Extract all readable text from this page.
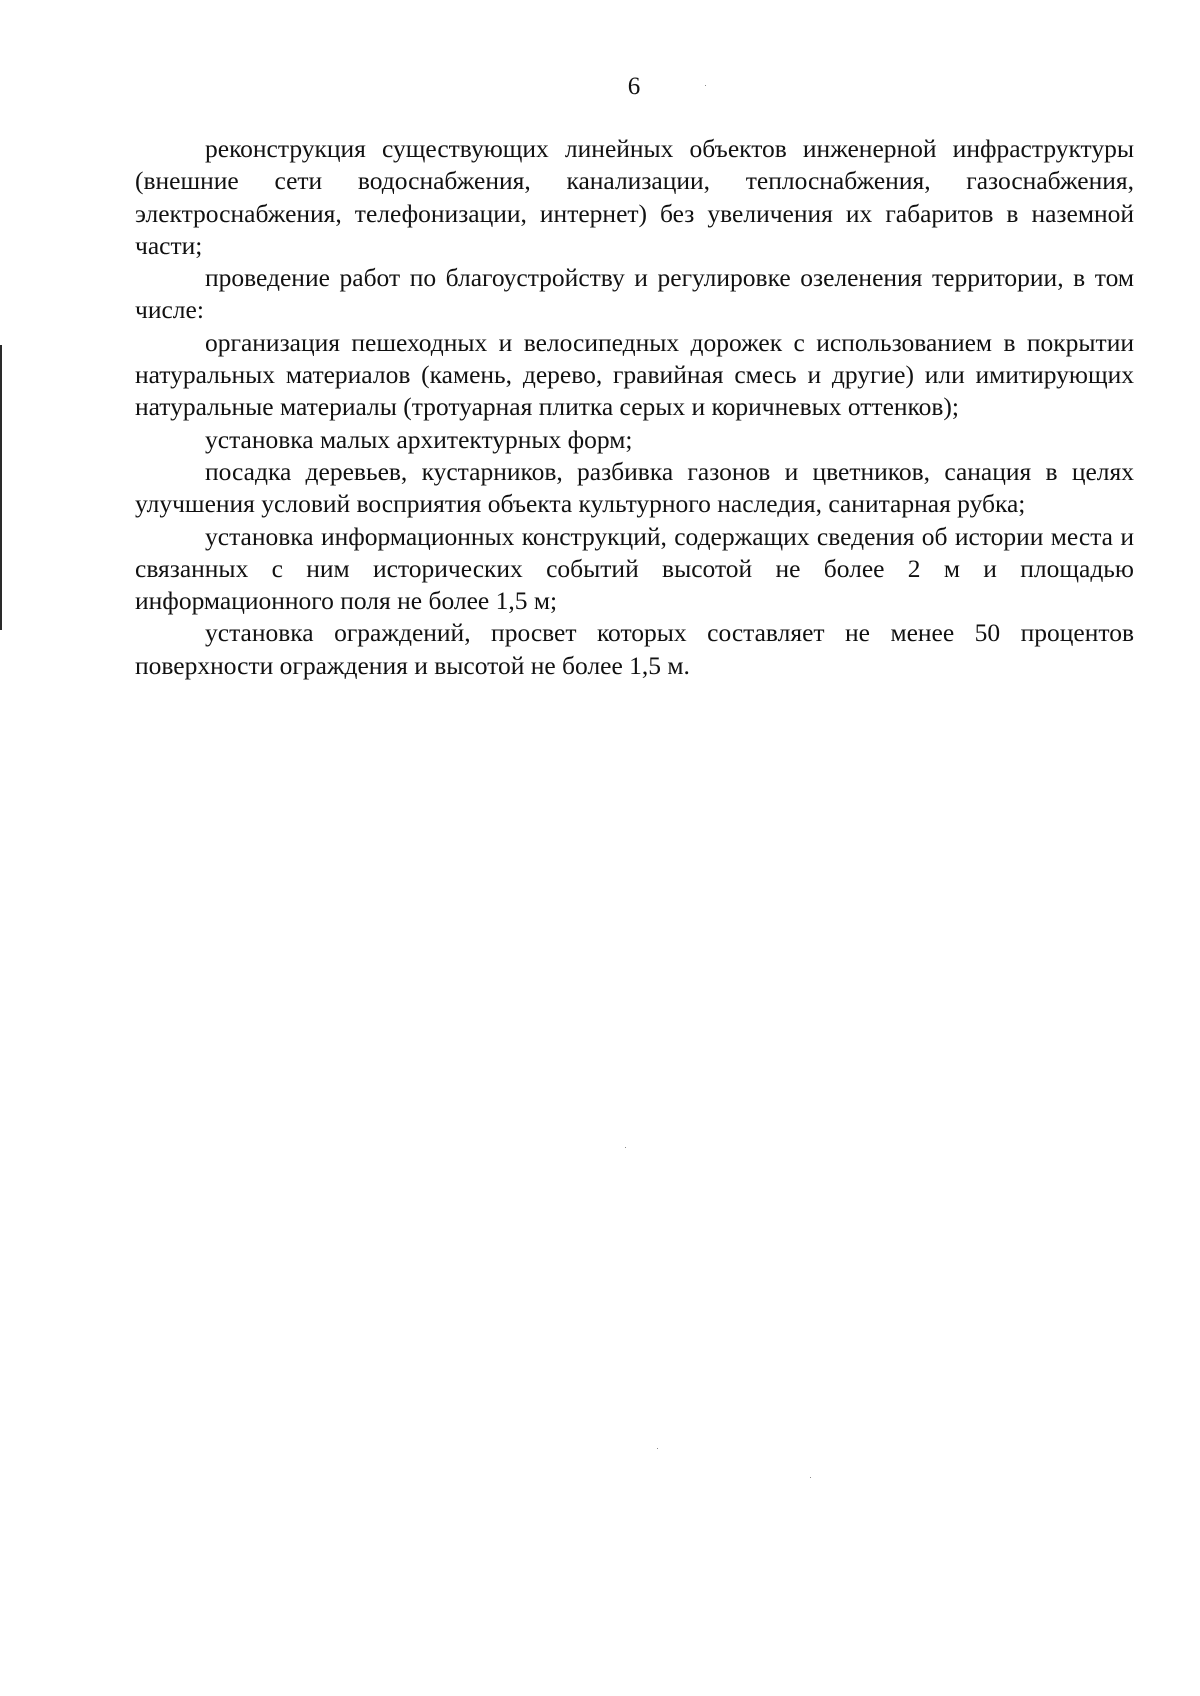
6

реконструкция существующих линейных объектов инженерной инфраструктуры (внешние сети водоснабжения, канализации, теплоснабжения, газоснабжения, электроснабжения, телефонизации, интернет) без увеличения их габаритов в наземной части;

проведение работ по благоустройству и регулировке озеленения территории, в том числе:

организация пешеходных и велосипедных дорожек с использованием в покрытии натуральных материалов (камень, дерево, гравийная смесь и другие) или имитирующих натуральные материалы (тротуарная плитка серых и коричневых оттенков);

установка малых архитектурных форм;

посадка деревьев, кустарников, разбивка газонов и цветников, санация в целях улучшения условий восприятия объекта культурного наследия, санитарная рубка;

установка информационных конструкций, содержащих сведения об истории места и связанных с ним исторических событий высотой не более 2 м и площадью информационного поля не более 1,5 м;

установка ограждений, просвет которых составляет не менее 50 процентов поверхности ограждения и высотой не более 1,5 м.
